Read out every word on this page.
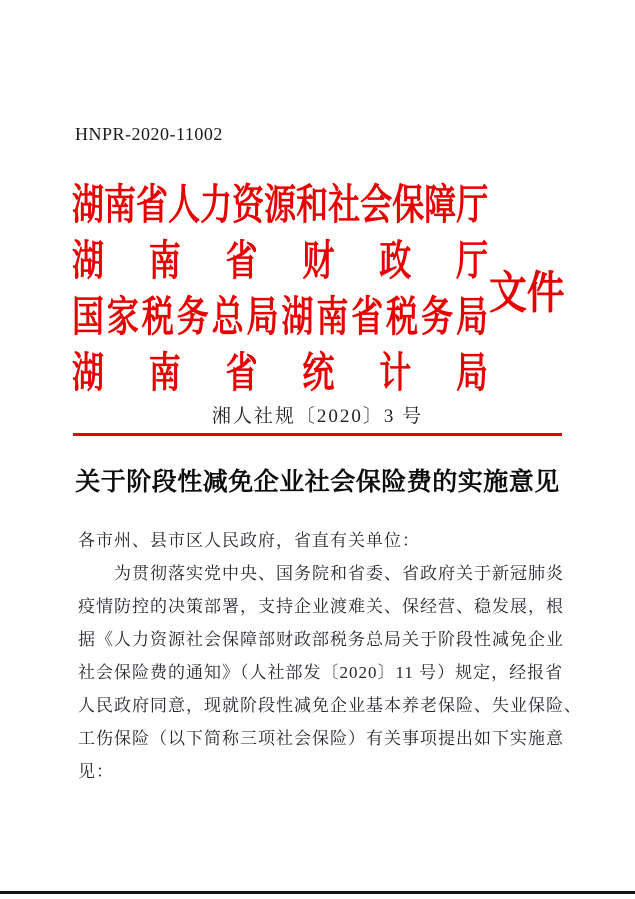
HNPR-2020-11002
湖 南 省 人 力 资 源 和 社 会 保 障 厅
湖 南 省 财 政 厅
国 家 税 务 总 局 湖 南 省 税 务 局
湖 南 省 统 计 局
文件
湘人社规〔2020〕3 号
关于阶段性减免企业社会保险费的实施意见
各市州、县市区人民政府，省直有关单位：
　　为贯彻落实党中央、国务院和省委、省政府关于新冠肺炎
疫情防控的决策部署，支持企业渡难关、保经营、稳发展，根
据《人力资源社会保障部财政部税务总局关于阶段性减免企业
社会保险费的通知》（人社部发〔2020〕11 号）规定，经报省
人民政府同意，现就阶段性减免企业基本养老保险、失业保险、
工伤保险（以下简称三项社会保险）有关事项提出如下实施意
见：
